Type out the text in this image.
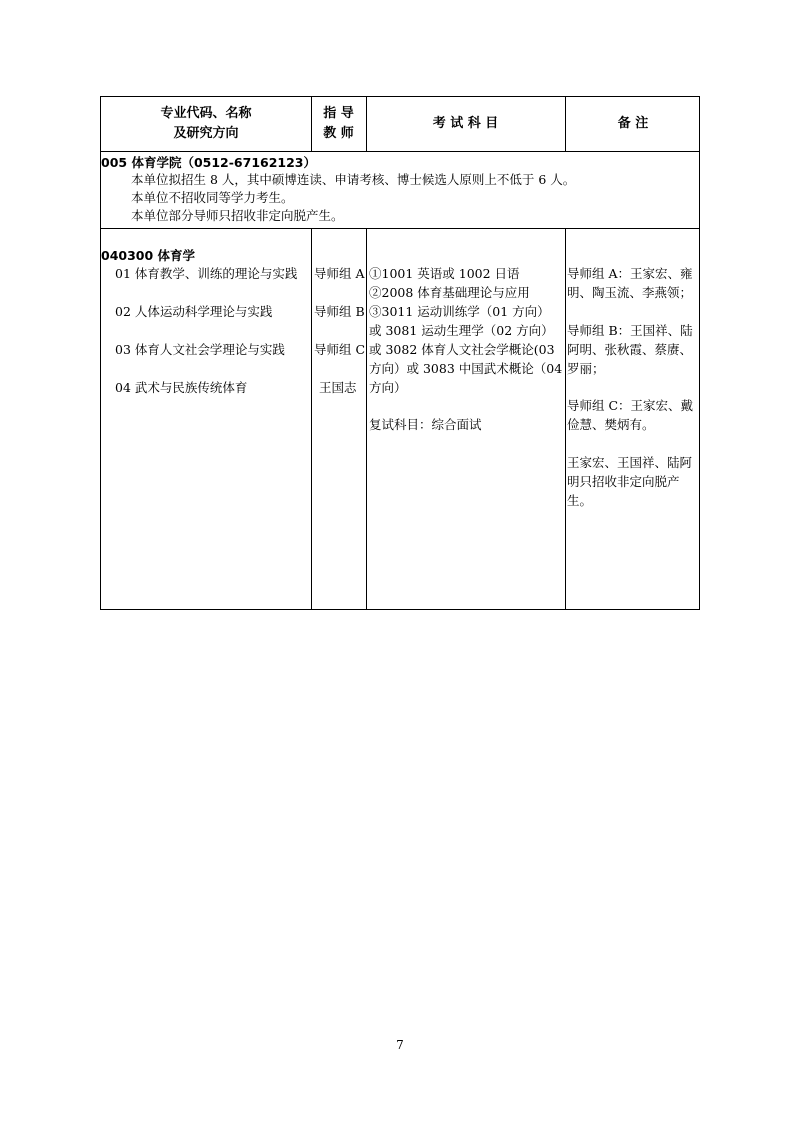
专业代码、名称
及研究方向
指 导
教 师
考 试 科 目	备 注
005 体育学院（0512-67162123）
本单位拟招生 8 人，其中硕博连读、申请考核、博士候选人原则上不低于 6 人。
本单位不招收同等学力考生。
本单位部分导师只招收非定向脱产生。
040300 体育学
01 体育教学、训练的理论与实践
02 人体运动科学理论与实践
03 体育人文社会学理论与实践
04 武术与民族传统体育
导师组 A
导师组 B
导师组 C
王国志
①1001 英语或 1002 日语
②2008 体育基础理论与应用
③3011 运动训练学（01 方向）
或 3081 运动生理学（02 方向）
或 3082 体育人文社会学概论(03
方向）或 3083 中国武术概论（04
方向）
复试科目：综合面试
导师组 A：王家宏、雍
明、陶玉流、李燕领；
导师组 B：王国祥、陆
阿明、张秋霞、蔡赓、
罗丽；
导师组 C：王家宏、戴
俭慧、樊炳有。
王家宏、王国祥、陆阿
明只招收非定向脱产
生。
7
